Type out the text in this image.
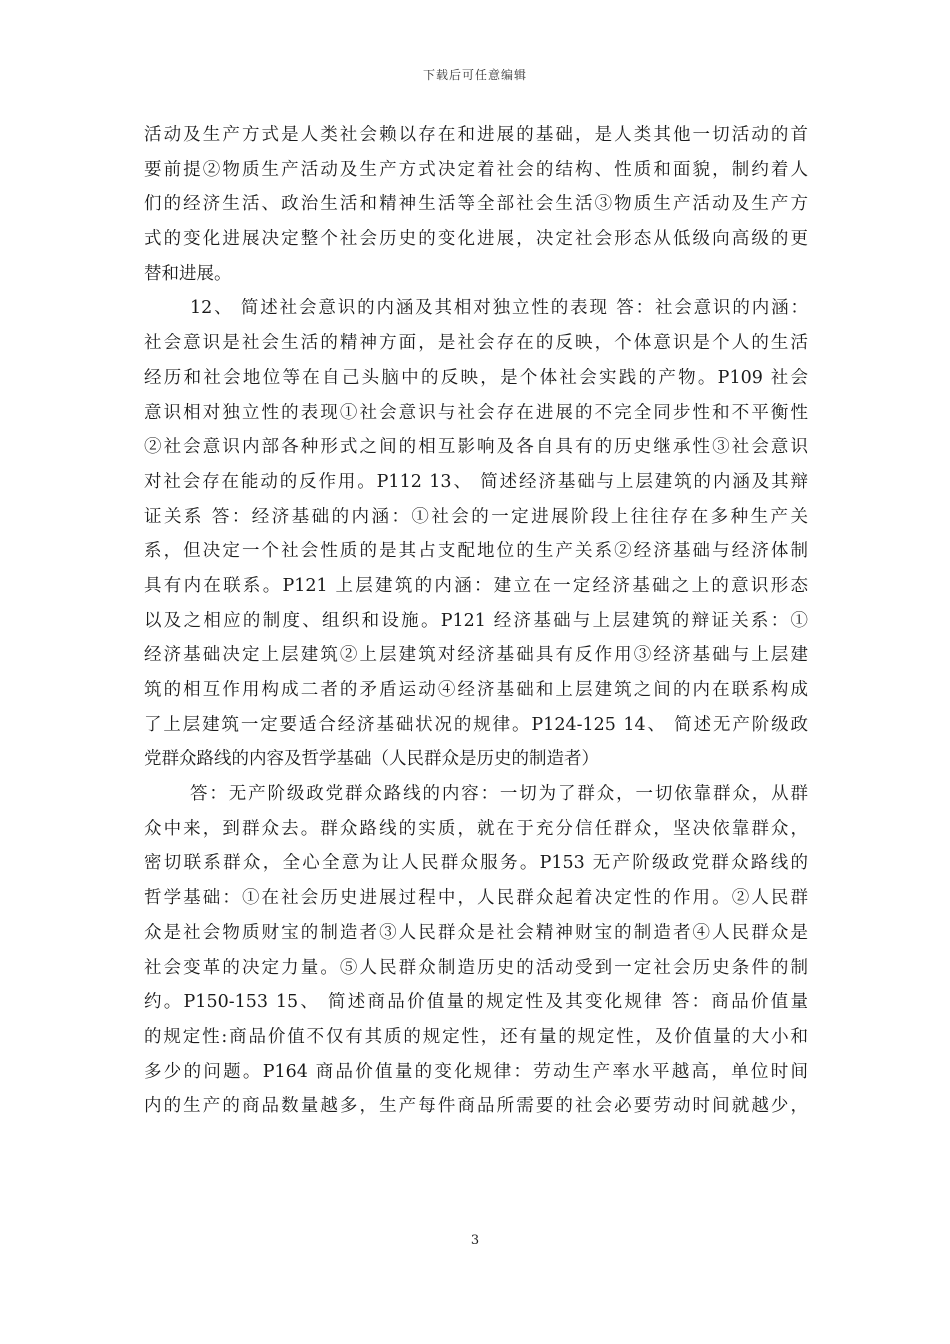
下载后可任意编辑
活动及生产方式是人类社会赖以存在和进展的基础，是人类其他一切活动的首
要前提②物质生产活动及生产方式决定着社会的结构、性质和面貌，制约着人
们的经济生活、政治生活和精神生活等全部社会生活③物质生产活动及生产方
式的变化进展决定整个社会历史的变化进展，决定社会形态从低级向高级的更
替和进展。
12、 简述社会意识的内涵及其相对独立性的表现 答：社会意识的内涵：
社会意识是社会生活的精神方面，是社会存在的反映，个体意识是个人的生活
经历和社会地位等在自己头脑中的反映，是个体社会实践的产物。P109 社会
意识相对独立性的表现①社会意识与社会存在进展的不完全同步性和不平衡性
②社会意识内部各种形式之间的相互影响及各自具有的历史继承性③社会意识
对社会存在能动的反作用。P112 13、 简述经济基础与上层建筑的内涵及其辩
证关系 答：经济基础的内涵：①社会的一定进展阶段上往往存在多种生产关
系，但决定一个社会性质的是其占支配地位的生产关系②经济基础与经济体制
具有内在联系。P121 上层建筑的内涵：建立在一定经济基础之上的意识形态
以及之相应的制度、组织和设施。P121 经济基础与上层建筑的辩证关系：①
经济基础决定上层建筑②上层建筑对经济基础具有反作用③经济基础与上层建
筑的相互作用构成二者的矛盾运动④经济基础和上层建筑之间的内在联系构成
了上层建筑一定要适合经济基础状况的规律。P124-125 14、 简述无产阶级政
党群众路线的内容及哲学基础（人民群众是历史的制造者）
答：无产阶级政党群众路线的内容：一切为了群众，一切依靠群众，从群
众中来，到群众去。群众路线的实质，就在于充分信任群众，坚决依靠群众，
密切联系群众，全心全意为让人民群众服务。P153 无产阶级政党群众路线的
哲学基础：①在社会历史进展过程中，人民群众起着决定性的作用。②人民群
众是社会物质财宝的制造者③人民群众是社会精神财宝的制造者④人民群众是
社会变革的决定力量。⑤人民群众制造历史的活动受到一定社会历史条件的制
约。P150-153 15、 简述商品价值量的规定性及其变化规律 答：商品价值量
的规定性:商品价值不仅有其质的规定性，还有量的规定性，及价值量的大小和
多少的问题。P164 商品价值量的变化规律：劳动生产率水平越高，单位时间
内的生产的商品数量越多，生产每件商品所需要的社会必要劳动时间就越少，
3
